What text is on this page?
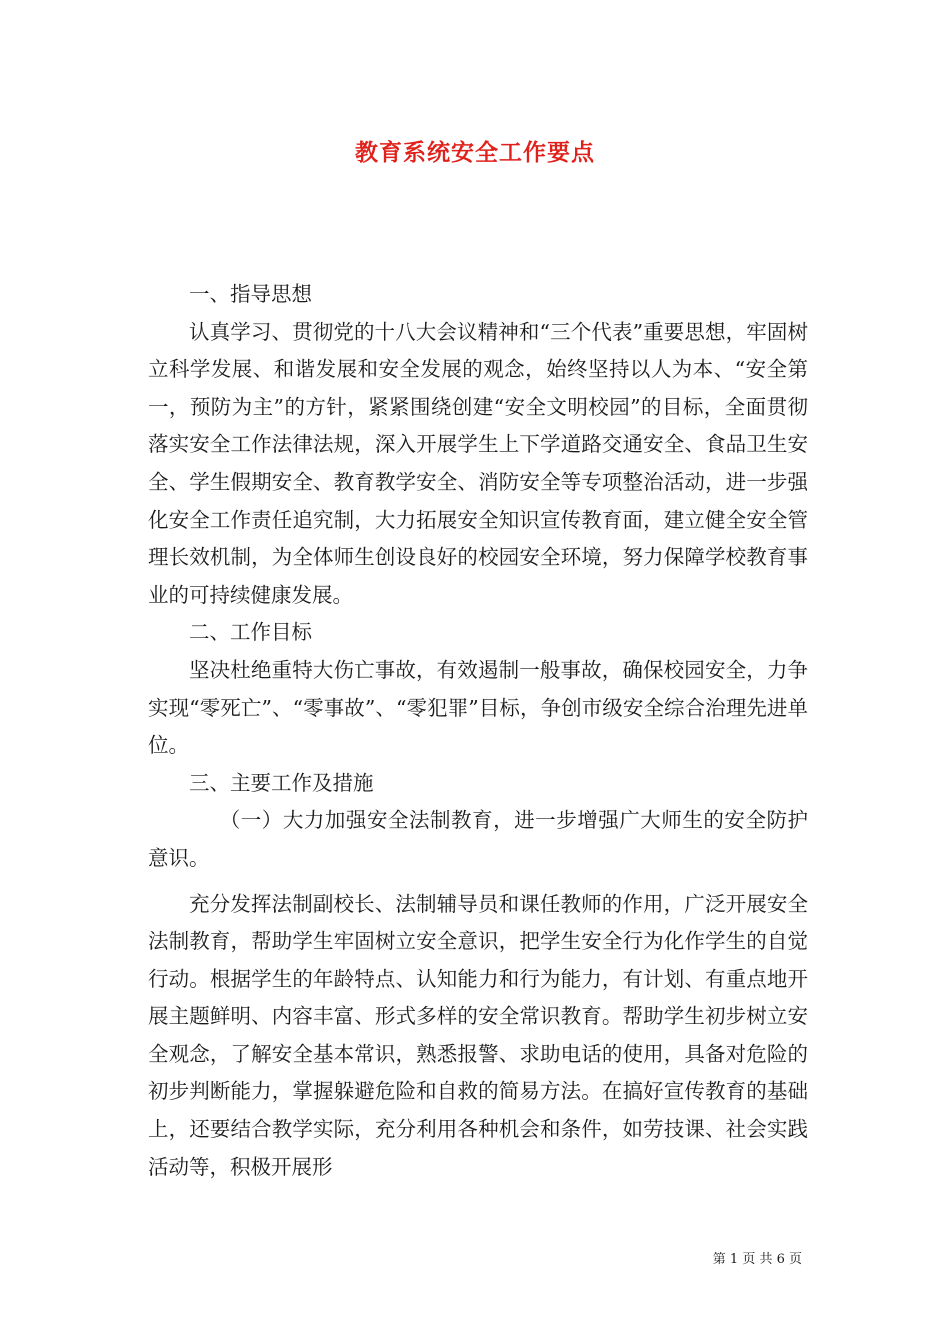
教育系统安全工作要点

一、指导思想

认真学习、贯彻党的十八大会议精神和“三个代表”重要思想，牢固树立科学发展、和谐发展和安全发展的观念，始终坚持以人为本、“安全第一，预防为主”的方针，紧紧围绕创建“安全文明校园”的目标，全面贯彻落实安全工作法律法规，深入开展学生上下学道路交通安全、食品卫生安全、学生假期安全、教育教学安全、消防安全等专项整治活动，进一步强化安全工作责任追究制，大力拓展安全知识宣传教育面，建立健全安全管理长效机制，为全体师生创设良好的校园安全环境，努力保障学校教育事业的可持续健康发展。

二、工作目标

坚决杜绝重特大伤亡事故，有效遏制一般事故，确保校园安全，力争实现“零死亡”、“零事故”、“零犯罪”目标，争创市级安全综合治理先进单位。

三、主要工作及措施

（一）大力加强安全法制教育，进一步增强广大师生的安全防护意识。

充分发挥法制副校长、法制辅导员和课任教师的作用，广泛开展安全法制教育，帮助学生牢固树立安全意识，把学生安全行为化作学生的自觉行动。根据学生的年龄特点、认知能力和行为能力，有计划、有重点地开展主题鲜明、内容丰富、形式多样的安全常识教育。帮助学生初步树立安全观念，了解安全基本常识，熟悉报警、求助电话的使用，具备对危险的初步判断能力，掌握躲避危险和自救的简易方法。在搞好宣传教育的基础上，还要结合教学实际，充分利用各种机会和条件，如劳技课、社会实践活动等，积极开展形

第 1 页 共 6 页
